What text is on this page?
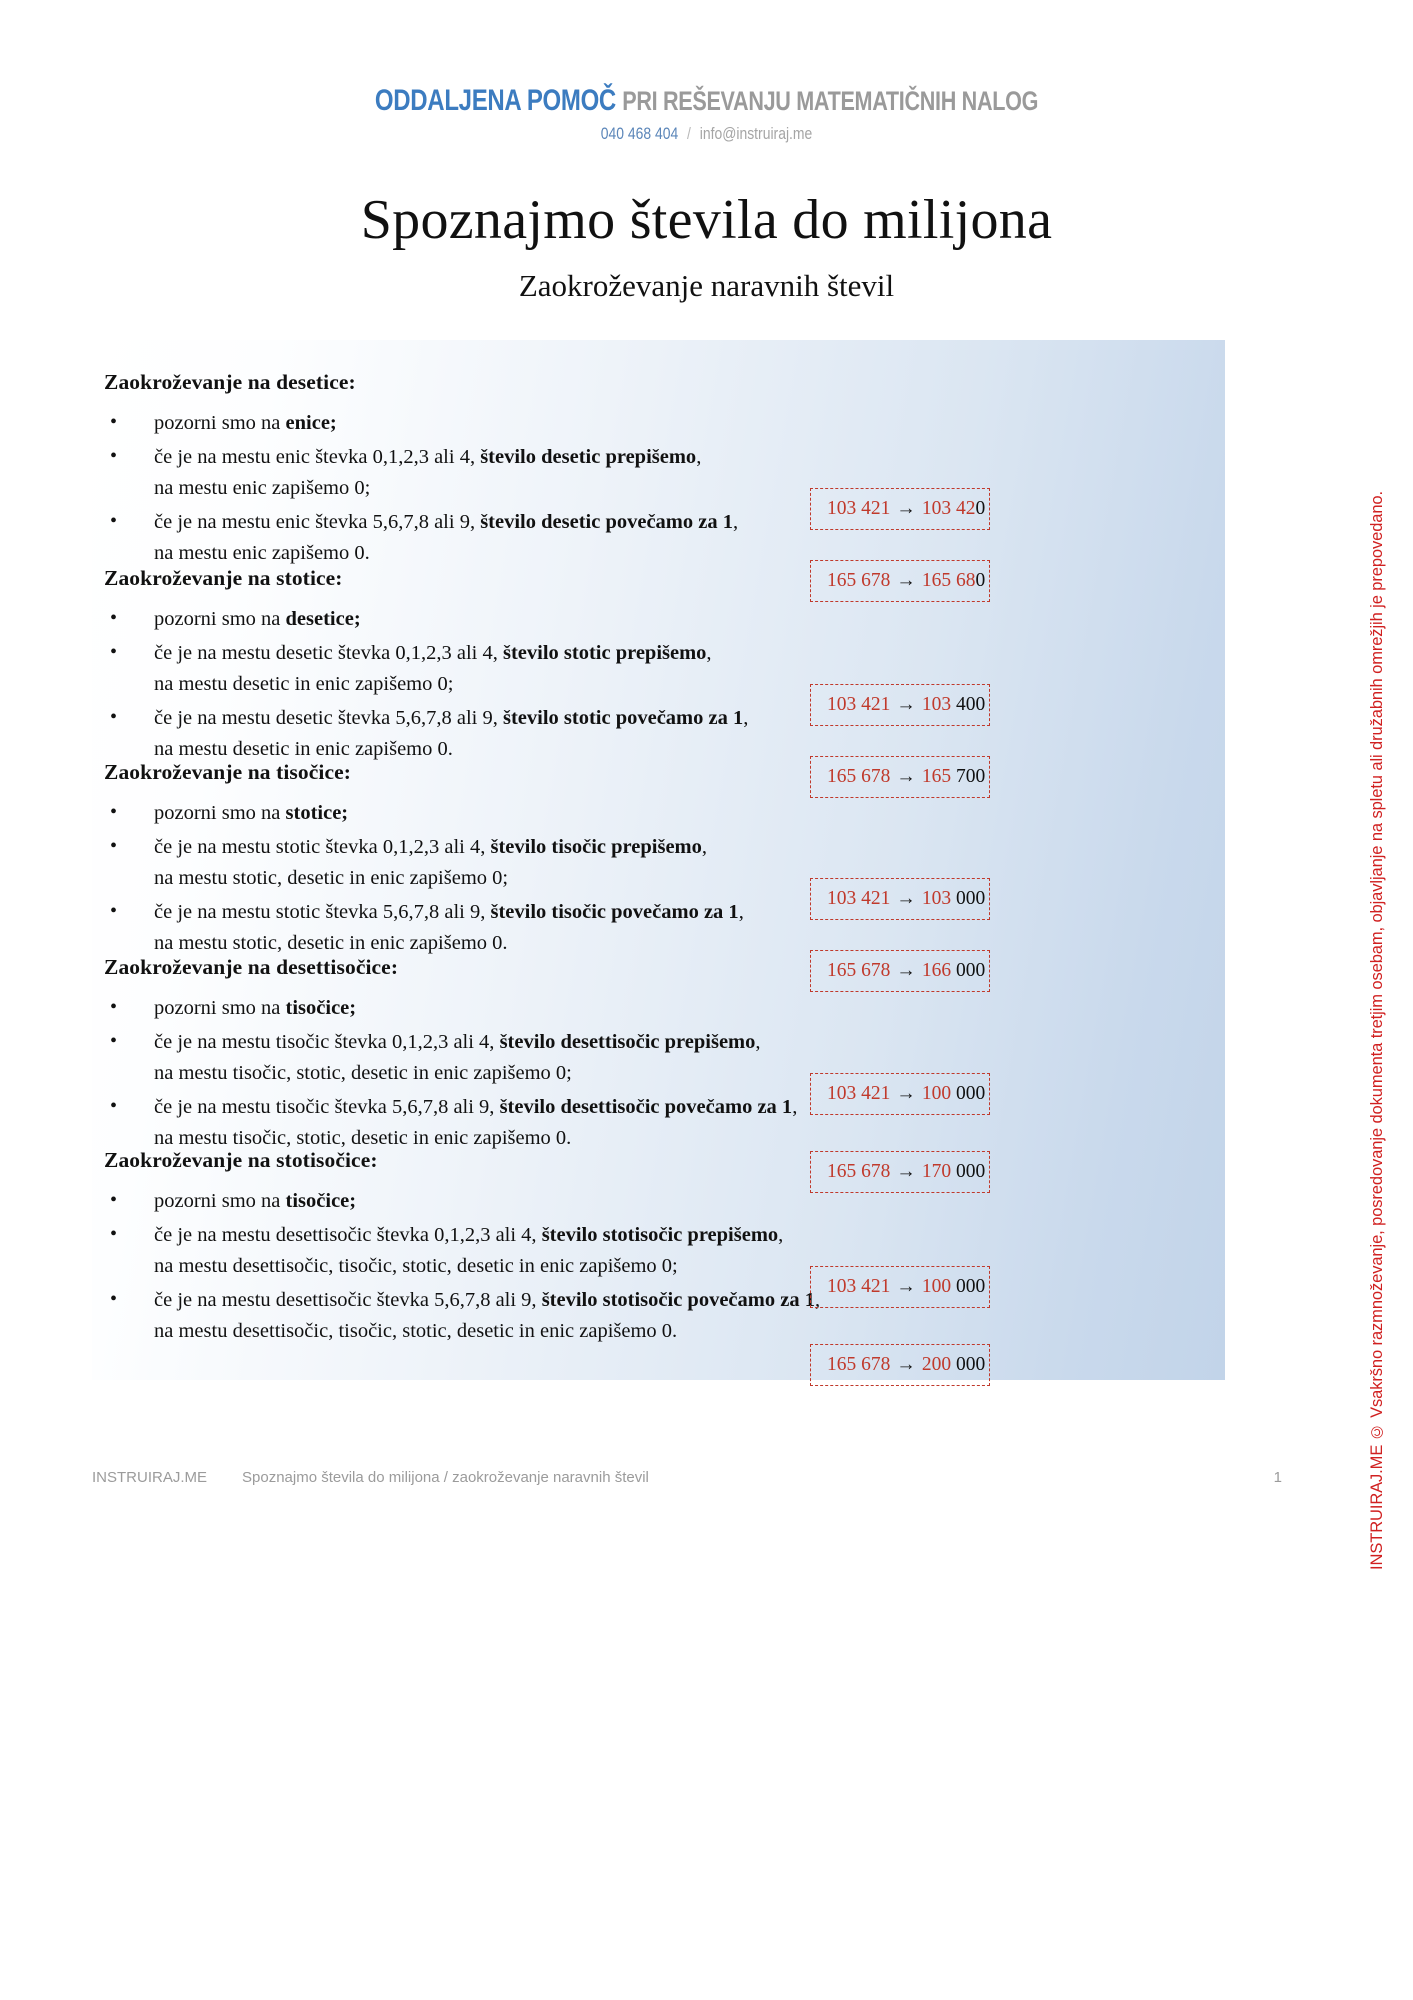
ODDALJENA POMOČ PRI REŠEVANJU MATEMATIČNIH NALOG
040 468 404 / info@instruiraj.me
Spoznajmo števila do milijona
Zaokroževanje naravnih števil
Zaokroževanje na desetice:
• pozorni smo na enice;
• če je na mestu enic števka 0,1,2,3 ali 4, število desetic prepišemo,
na mestu enic zapišemo 0;
• če je na mestu enic števka 5,6,7,8 ali 9, število desetic povečamo za 1,
na mestu enic zapišemo 0.
103 421 → 103 420
165 678 → 165 680
Zaokroževanje na stotice:
• pozorni smo na desetice;
• če je na mestu desetic števka 0,1,2,3 ali 4, število stotic prepišemo,
na mestu desetic in enic zapišemo 0;
• če je na mestu desetic števka 5,6,7,8 ali 9, število stotic povečamo za 1,
na mestu desetic in enic zapišemo 0.
103 421 → 103 400
165 678 → 165 700
Zaokroževanje na tisočice:
• pozorni smo na stotice;
• če je na mestu stotic števka 0,1,2,3 ali 4, število tisočic prepišemo,
na mestu stotic, desetic in enic zapišemo 0;
• če je na mestu stotic števka 5,6,7,8 ali 9, število tisočic povečamo za 1,
na mestu stotic, desetic in enic zapišemo 0.
103 421 → 103 000
165 678 → 166 000
Zaokroževanje na desettisočice:
• pozorni smo na tisočice;
• če je na mestu tisočic števka 0,1,2,3 ali 4, število desettisočic prepišemo,
na mestu tisočic, stotic, desetic in enic zapišemo 0;
• če je na mestu tisočic števka 5,6,7,8 ali 9, število desettisočic povečamo za 1,
na mestu tisočic, stotic, desetic in enic zapišemo 0.
103 421 → 100 000
165 678 → 170 000
Zaokroževanje na stotisočice:
• pozorni smo na tisočice;
• če je na mestu desettisočic števka 0,1,2,3 ali 4, število stotisočic prepišemo,
na mestu desettisočic, tisočic, stotic, desetic in enic zapišemo 0;
• če je na mestu desettisočic števka 5,6,7,8 ali 9, število stotisočic povečamo za 1,
na mestu desettisočic, tisočic, stotic, desetic in enic zapišemo 0.
103 421 → 100 000
165 678 → 200 000	INSTRUIRAJ.ME © Vsakršno razmnoževanje, posredovanje dokumenta tretjim osebam, objavljanje na spletu ali družabnih omrežjih je prepovedano.
INSTRUIRAJ.ME	Spoznajmo števila do milijona / zaokroževanje naravnih števil	1
